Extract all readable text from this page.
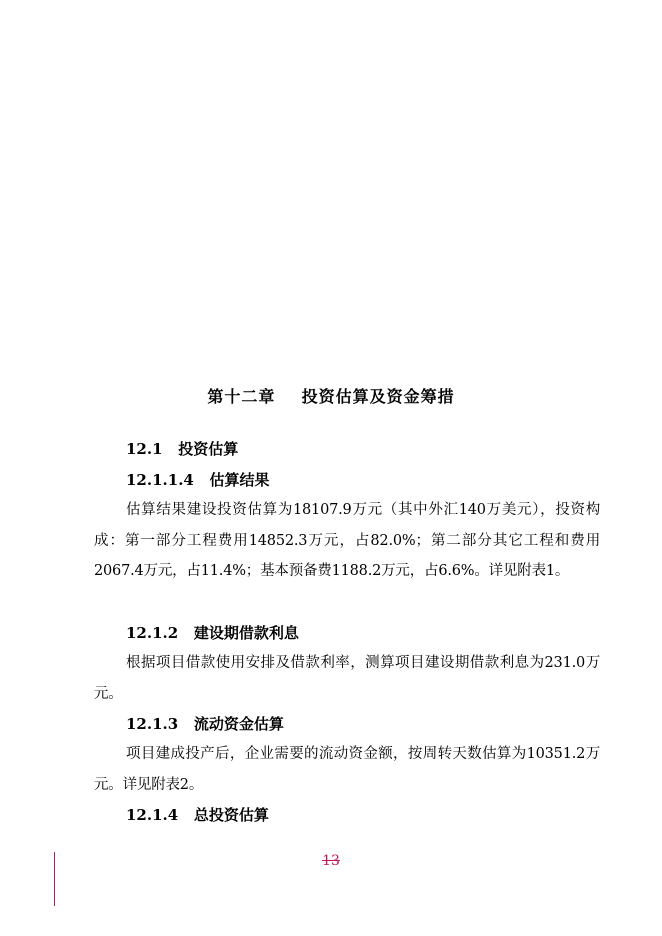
第十二章    投资估算及资金筹措
12.1   投资估算
12.1.1.4   估算结果

估算结果建设投资估算为18107.9万元（其中外汇140万美元），投资构成：第一部分工程费用14852.3万元，占82.0%；第二部分其它工程和费用2067.4万元，占11.4%；基本预备费1188.2万元，占6.6%。详见附表1。

12.1.2   建设期借款利息

根据项目借款使用安排及借款利率，测算项目建设期借款利息为231.0万元。

12.1.3   流动资金估算

项目建成投产后，企业需要的流动资金额，按周转天数估算为10351.2万元。详见附表2。

12.1.4   总投资估算
13
